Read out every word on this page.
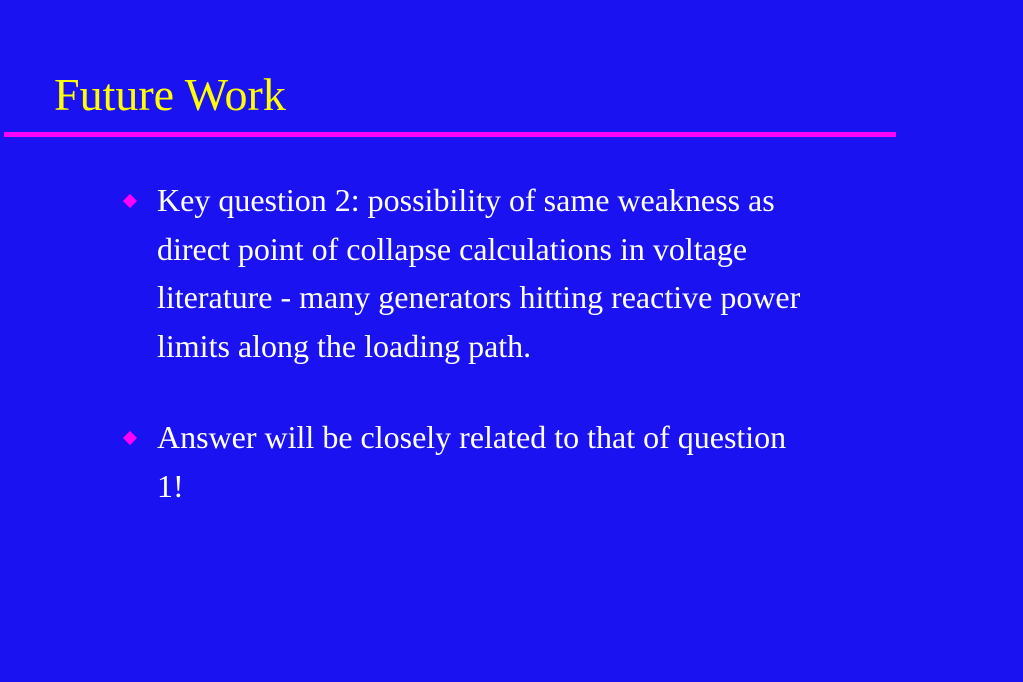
Future Work
Key question 2: possibility of same weakness as direct point of collapse calculations in voltage literature - many generators hitting reactive power limits along the loading path.
Answer will be closely related to that of question 1!
